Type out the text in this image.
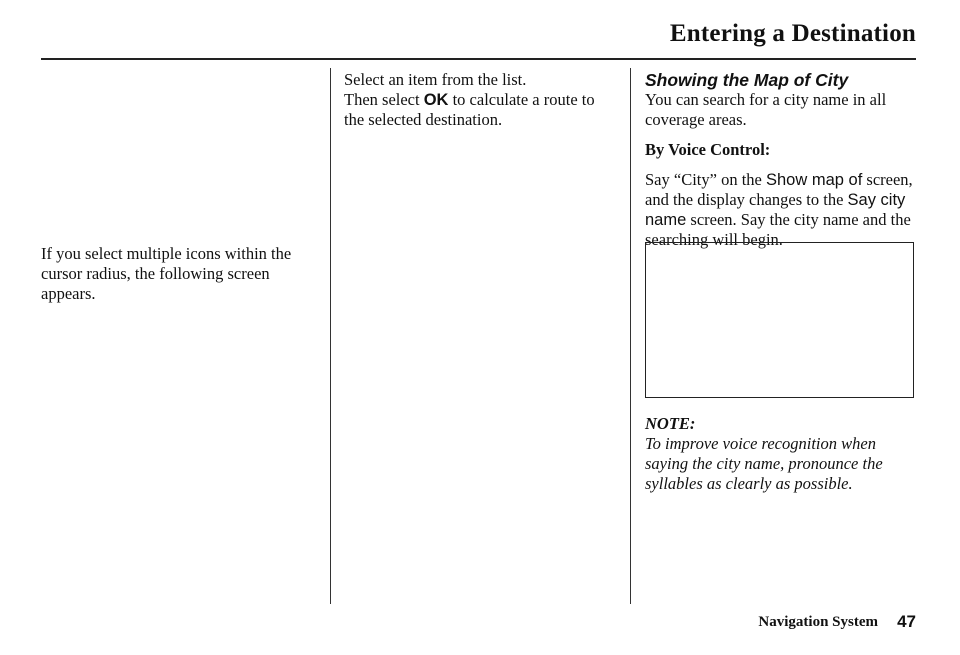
Entering a Destination

If you select multiple icons within the cursor radius, the following screen appears.

Select an item from the list.

Then select OK to calculate a route to the selected destination.

Showing the Map of City

You can search for a city name in all coverage areas.

By Voice Control:

Say “City” on the Show map of screen, and the display changes to the Say city name screen. Say the city name and the searching will begin.

NOTE:

To improve voice recognition when saying the city name, pronounce the syllables as clearly as possible.

Navigation System 47
